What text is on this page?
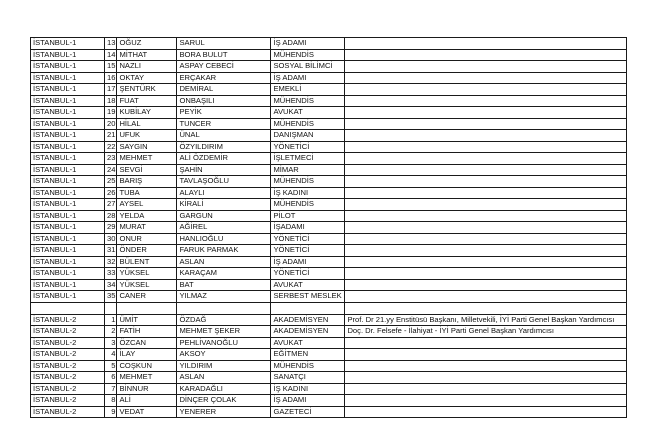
İSTANBUL-1	13	OĞUZ	SARUL	İŞ ADAMI	
İSTANBUL-1	14	MİTHAT	BORA BULUT	MÜHENDİS	
İSTANBUL-1	15	NAZLI	ASPAY CEBECİ	SOSYAL BİLİMCİ	
İSTANBUL-1	16	OKTAY	ERÇAKAR	İŞ ADAMI	
İSTANBUL-1	17	ŞENTÜRK	DEMİRAL	EMEKLİ	
İSTANBUL-1	18	FUAT	ONBAŞILI	MÜHENDİS	
İSTANBUL-1	19	KUBİLAY	PEYİK	AVUKAT	
İSTANBUL-1	20	HİLAL	TUNCER	MÜHENDİS	
İSTANBUL-1	21	UFUK	ÜNAL	DANIŞMAN	
İSTANBUL-1	22	SAYGIN	ÖZYILDIRIM	YÖNETİCİ	
İSTANBUL-1	23	MEHMET	ALİ ÖZDEMİR	İŞLETMECİ	
İSTANBUL-1	24	SEVGİ	ŞAHİN	MİMAR	
İSTANBUL-1	25	BARIŞ	TAVLAŞOĞLU	MÜHENDİS	
İSTANBUL-1	26	TUBA	ALAYLI	İŞ KADINI	
İSTANBUL-1	27	AYSEL	KİRALİ	MÜHENDİS	
İSTANBUL-1	28	YELDA	GARGUN	PİLOT	
İSTANBUL-1	29	MURAT	AĞİREL	İŞADAMI	
İSTANBUL-1	30	ONUR	HANLIOĞLU	YÖNETİCİ	
İSTANBUL-1	31	ÖNDER	FARUK PARMAK	YÖNETİCİ	
İSTANBUL-1	32	BÜLENT	ASLAN	İŞ ADAMI	
İSTANBUL-1	33	YÜKSEL	KARAÇAM	YÖNETİCİ	
İSTANBUL-1	34	YÜKSEL	BAT	AVUKAT	
İSTANBUL-1	35	CANER	YILMAZ	SERBEST MESLEK	

İSTANBUL-2	1	ÜMİT	ÖZDAĞ	AKADEMİSYEN	Prof. Dr 21.yy Enstitüsü Başkanı, Milletvekili, İYİ Parti Genel Başkan Yardımcısı
İSTANBUL-2	2	FATİH	MEHMET ŞEKER	AKADEMİSYEN	Doç. Dr. Felsefe - İlahiyat - İYİ Parti Genel Başkan Yardımcısı
İSTANBUL-2	3	ÖZCAN	PEHLİVANOĞLU	AVUKAT	
İSTANBUL-2	4	İLAY	AKSOY	EĞİTMEN	
İSTANBUL-2	5	COŞKUN	YILDIRIM	MÜHENDİS	
İSTANBUL-2	6	MEHMET	ASLAN	SANATÇI	
İSTANBUL-2	7	BİNNUR	KARADAĞLI	İŞ KADINI	
İSTANBUL-2	8	ALİ	DİNÇER ÇOLAK	İŞ ADAMI	
İSTANBUL-2	9	VEDAT	YENERER	GAZETECİ	
